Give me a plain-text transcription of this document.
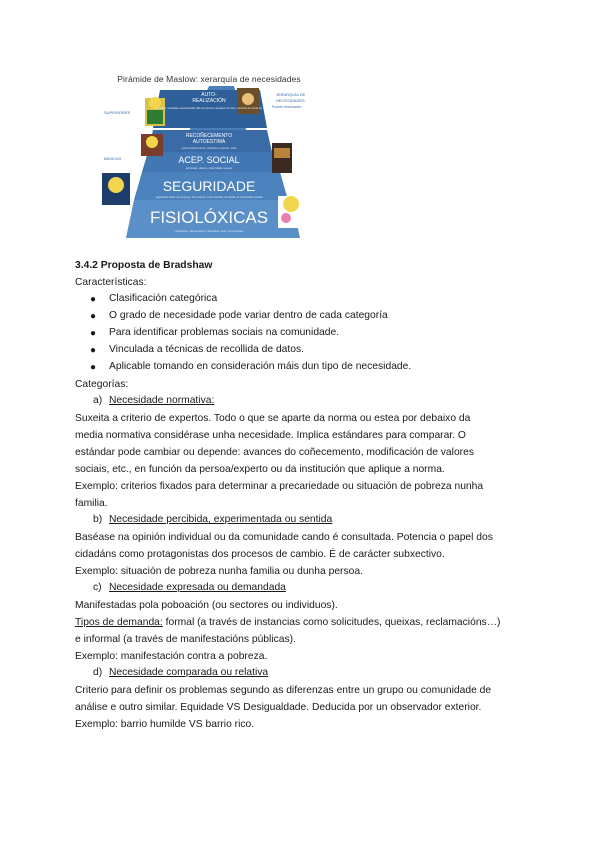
Pirámide de Maslow: xerarquía de necesidades
AUTO-
REALIZACIÓN
moralidad, creatividad, espontaneidad, falta de prejuicios, aceptación de feitos, resolución de problemas
RECOÑECEMENTO
AUTOESTIMA
autorrecoñecemento, confianza, respecto, éxito
ACEP. SOCIAL
amizade, afecto, intimidade sexual
SEGURIDADE
seguridade física, de emprego, de recursos, moral, familiar, de saúde, de propiedade privada
FISIOLÓXICAS
respiración, alimentación, descanso, sexo, homeostase
SUPERIORES
BÁSICAS
JERARQUÍA DE
NECESIDADES
Fuente motivación
3.4.2 Proposta de Bradshaw
Características:
● Clasificación categórica
● O grado de necesidade pode variar dentro de cada categoría
● Para identificar problemas sociais na comunidade.
● Vinculada a técnicas de recollida de datos.
● Aplicable tomando en consideración máis dun tipo de necesidade.
Categorías:
a) Necesidade normativa:
Suxeita a criterio de expertos. Todo o que se aparte da norma ou estea por debaixo da
media normativa considérase unha necesidade. Implica estándares para comparar. O
estándar pode cambiar ou depende: avances do coñecemento, modificación de valores
sociais, etc., en función da persoa/experto ou da institución que aplique a norma.
Exemplo: criterios fixados para determinar a precariedade ou situación de pobreza nunha
familia.
b) Necesidade percibida, experimentada ou sentida
Baséase na opinión individual ou da comunidade cando é consultada. Potencia o papel dos
cidadáns como protagonistas dos procesos de cambio. É de carácter subxectivo.
Exemplo: situación de pobreza nunha familia ou dunha persoa.
c) Necesidade expresada ou demandada
Manifestadas pola poboación (ou sectores ou individuos).
Tipos de demanda: formal (a través de instancias como solicitudes, queixas, reclamacións…)
e informal (a través de manifestacións públicas).
Exemplo: manifestación contra a pobreza.
d) Necesidade comparada ou relativa
Criterio para definir os problemas segundo as diferenzas entre un grupo ou comunidade de
análise e outro similar. Equidade VS Desigualdade. Deducida por un observador exterior.
Exemplo: barrio humilde VS barrio rico.
